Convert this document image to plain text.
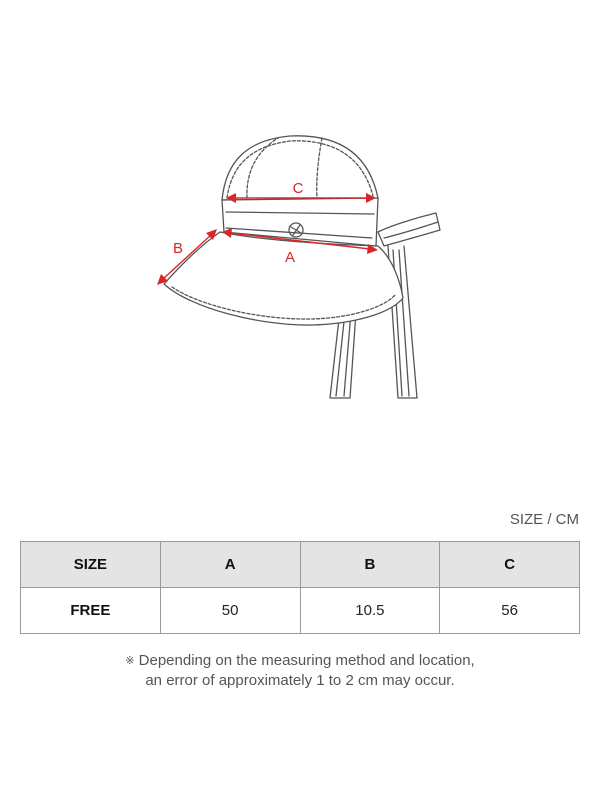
C
A
B
SIZE / CM
SIZE	A	B	C
FREE	50	10.5	56
※ Depending on the measuring method and location,
an error of approximately 1 to 2 cm may occur.
